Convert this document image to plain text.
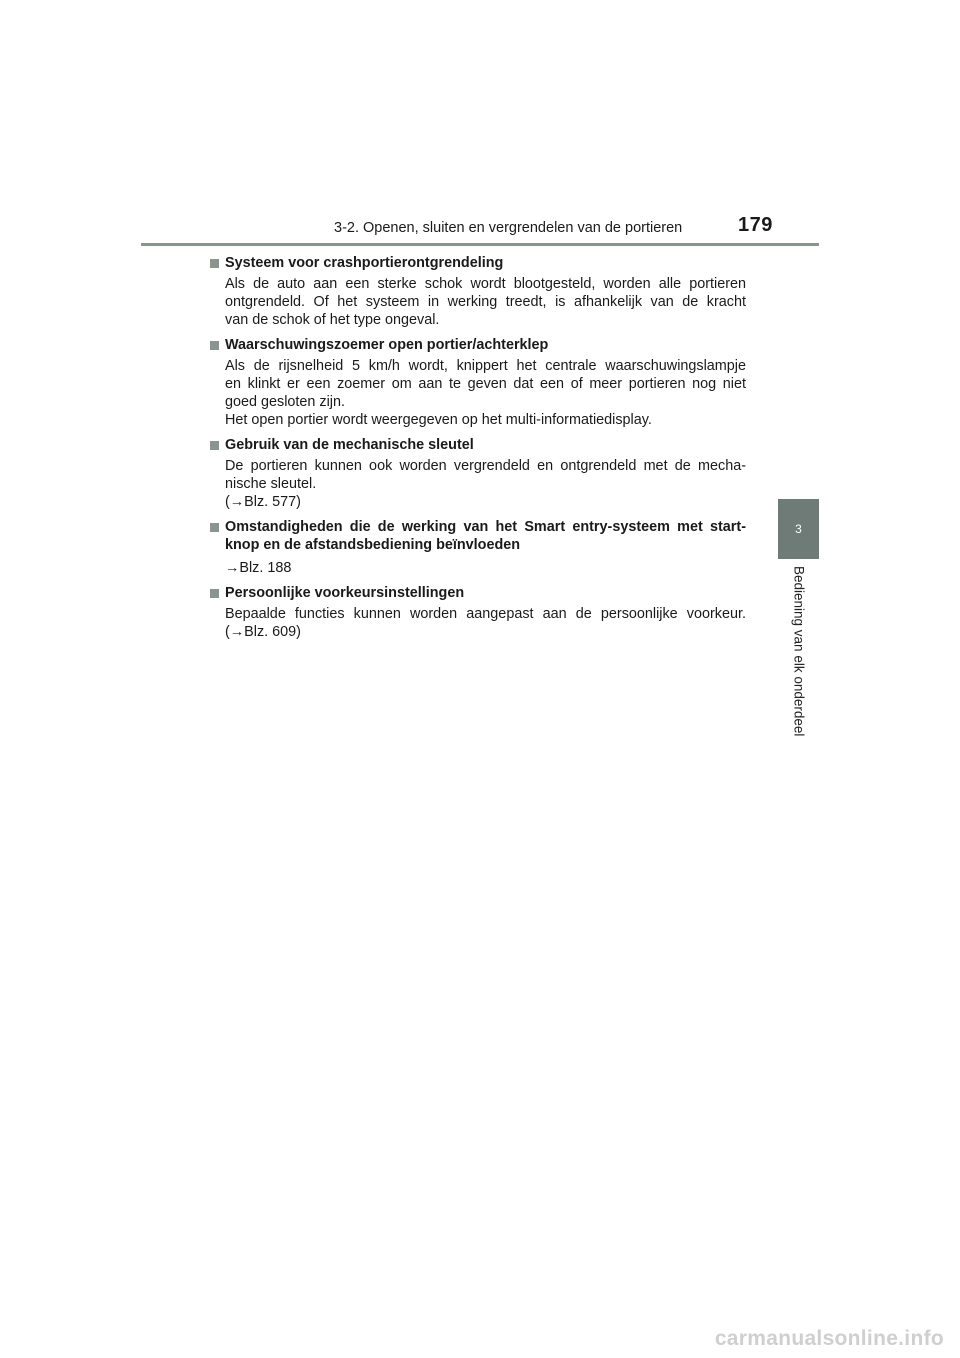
3-2. Openen, sluiten en vergrendelen van de portieren	179
Systeem voor crashportierontgrendeling
Als de auto aan een sterke schok wordt blootgesteld, worden alle portieren
ontgrendeld. Of het systeem in werking treedt, is afhankelijk van de kracht
van de schok of het type ongeval.
Waarschuwingszoemer open portier/achterklep
Als de rijsnelheid 5 km/h wordt, knippert het centrale waarschuwingslampje
en klinkt er een zoemer om aan te geven dat een of meer portieren nog niet
goed gesloten zijn.
Het open portier wordt weergegeven op het multi-informatiedisplay.
Gebruik van de mechanische sleutel
De portieren kunnen ook worden vergrendeld en ontgrendeld met de mecha-
nische sleutel.
(→Blz. 577)
Omstandigheden die de werking van het Smart entry-systeem met start-
knop en de afstandsbediening beïnvloeden
→Blz. 188
Persoonlijke voorkeursinstellingen
Bepaalde functies kunnen worden aangepast aan de persoonlijke voorkeur.
(→Blz. 609)
3
Bediening van elk onderdeel
carmanualsonline.info
